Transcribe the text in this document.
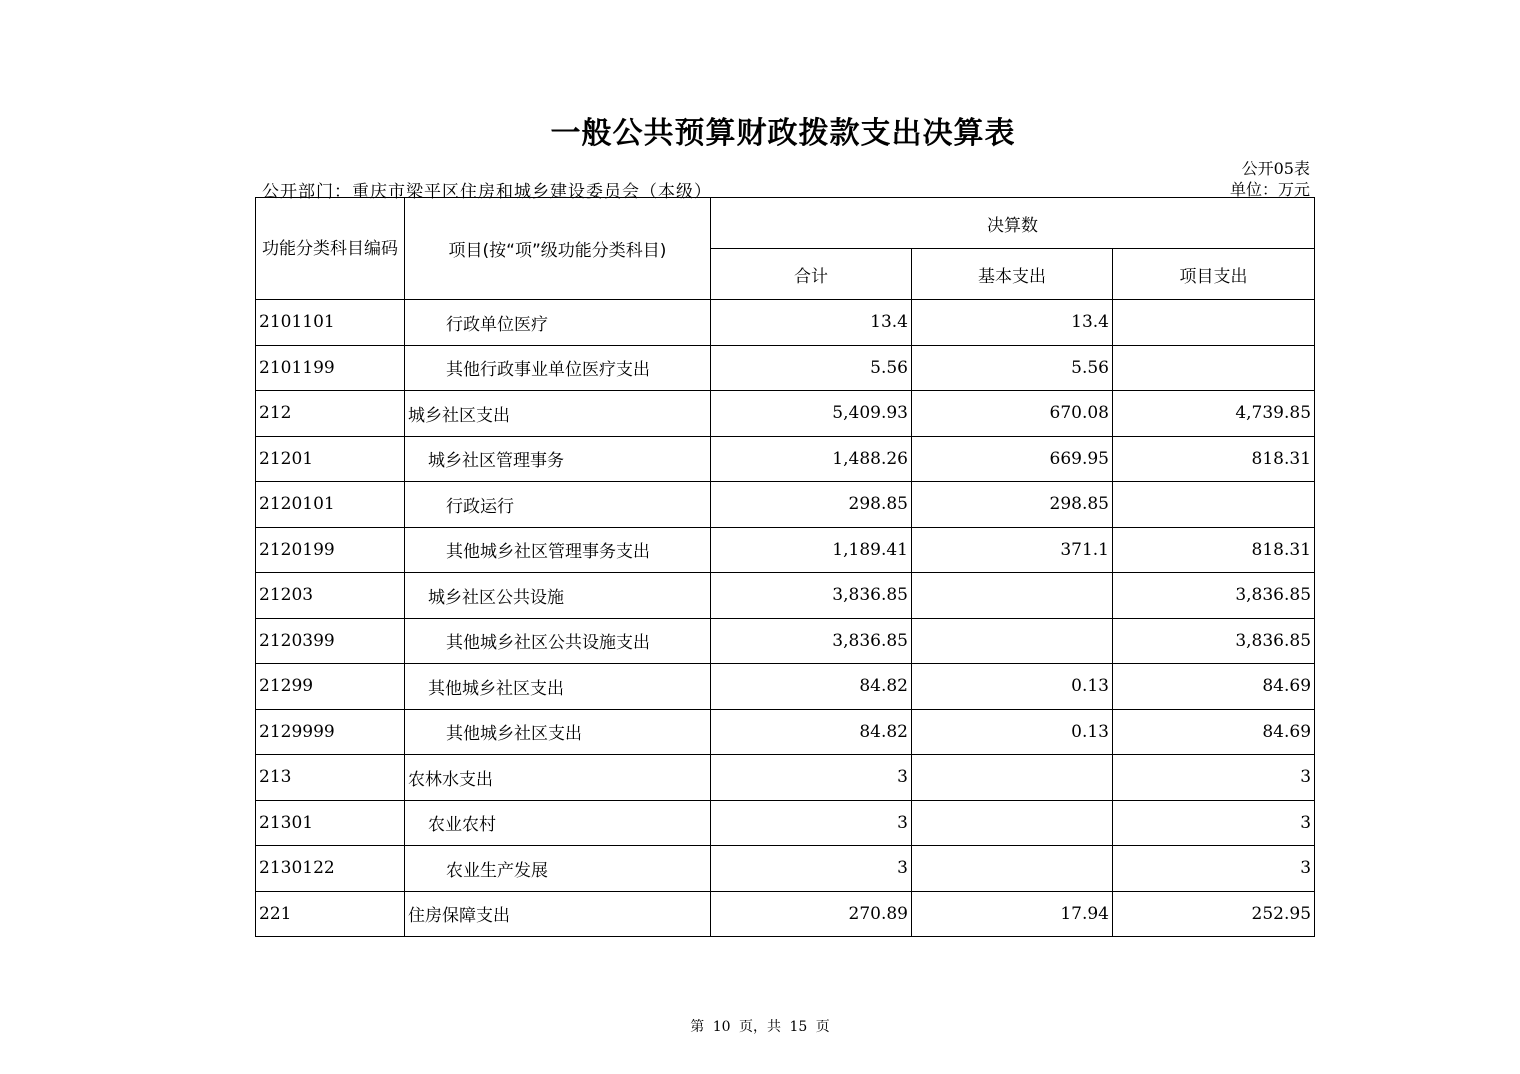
一般公共预算财政拨款支出决算表
公开05表
公开部门：重庆市梁平区住房和城乡建设委员会（本级）	单位：万元
功能分类科目编码	项目(按“项”级功能分类科目)	决算数		
		合计	基本支出	项目支出
2101101	行政单位医疗	13.4	13.4	
2101199	其他行政事业单位医疗支出	5.56	5.56	
212	城乡社区支出	5,409.93	670.08	4,739.85
21201	城乡社区管理事务	1,488.26	669.95	818.31
2120101	行政运行	298.85	298.85	
2120199	其他城乡社区管理事务支出	1,189.41	371.1	818.31
21203	城乡社区公共设施	3,836.85		3,836.85
2120399	其他城乡社区公共设施支出	3,836.85		3,836.85
21299	其他城乡社区支出	84.82	0.13	84.69
2129999	其他城乡社区支出	84.82	0.13	84.69
213	农林水支出	3		3
21301	农业农村	3		3
2130122	农业生产发展	3		3
221	住房保障支出	270.89	17.94	252.95
第 10 页，共 15 页
